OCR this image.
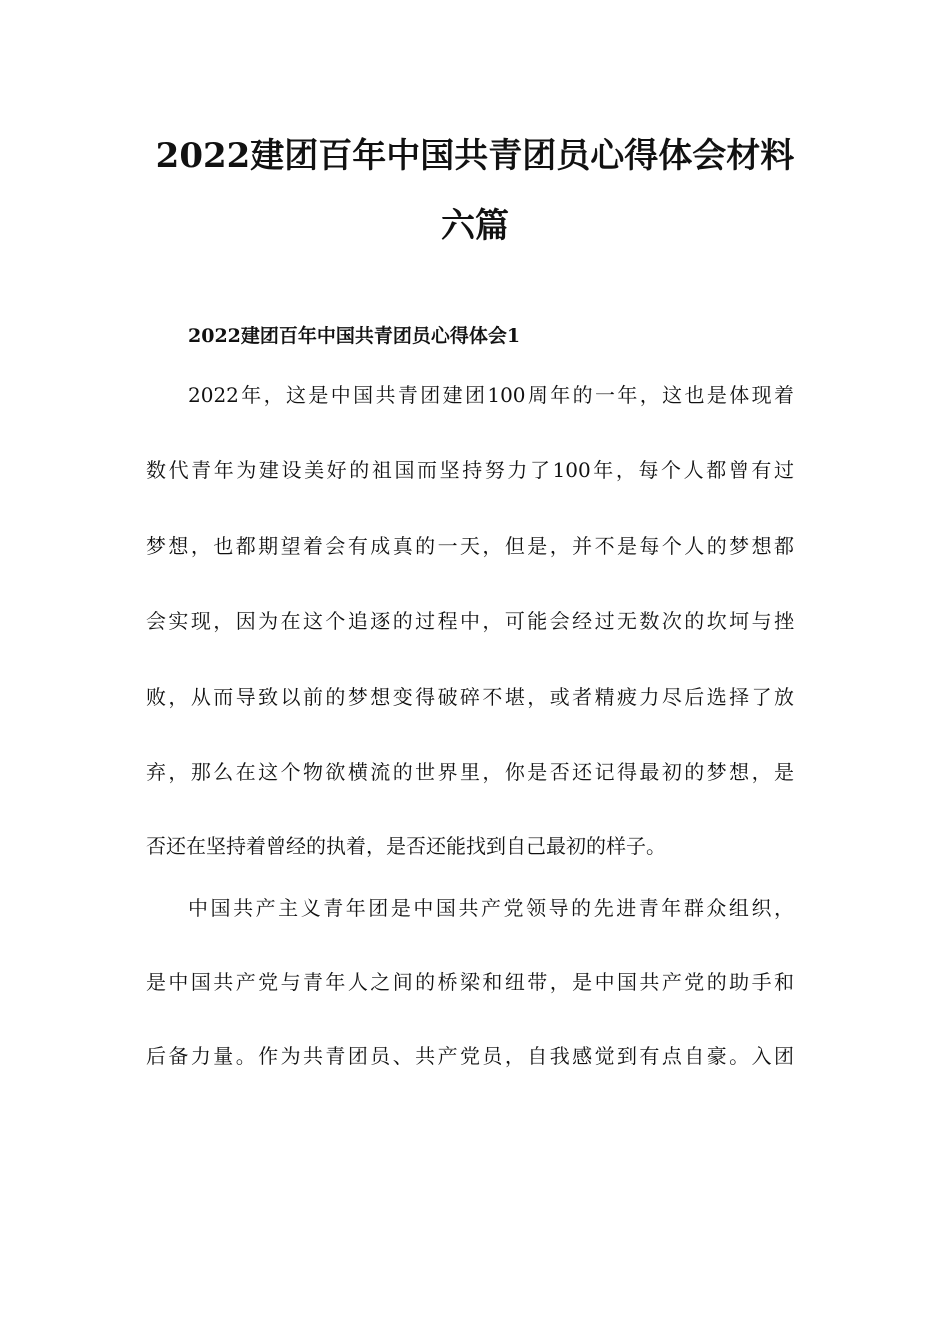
2022建团百年中国共青团员心得体会材料
六篇
2022建团百年中国共青团员心得体会1

2022年，这是中国共青团建团100周年的一年，这也是体现着

数代青年为建设美好的祖国而坚持努力了100年，每个人都曾有过

梦想，也都期望着会有成真的一天，但是，并不是每个人的梦想都

会实现，因为在这个追逐的过程中，可能会经过无数次的坎坷与挫

败，从而导致以前的梦想变得破碎不堪，或者精疲力尽后选择了放

弃，那么在这个物欲横流的世界里，你是否还记得最初的梦想，是

否还在坚持着曾经的执着，是否还能找到自己最初的样子。

中国共产主义青年团是中国共产党领导的先进青年群众组织，

是中国共产党与青年人之间的桥梁和纽带，是中国共产党的助手和

后备力量。作为共青团员、共产党员，自我感觉到有点自豪。入团
